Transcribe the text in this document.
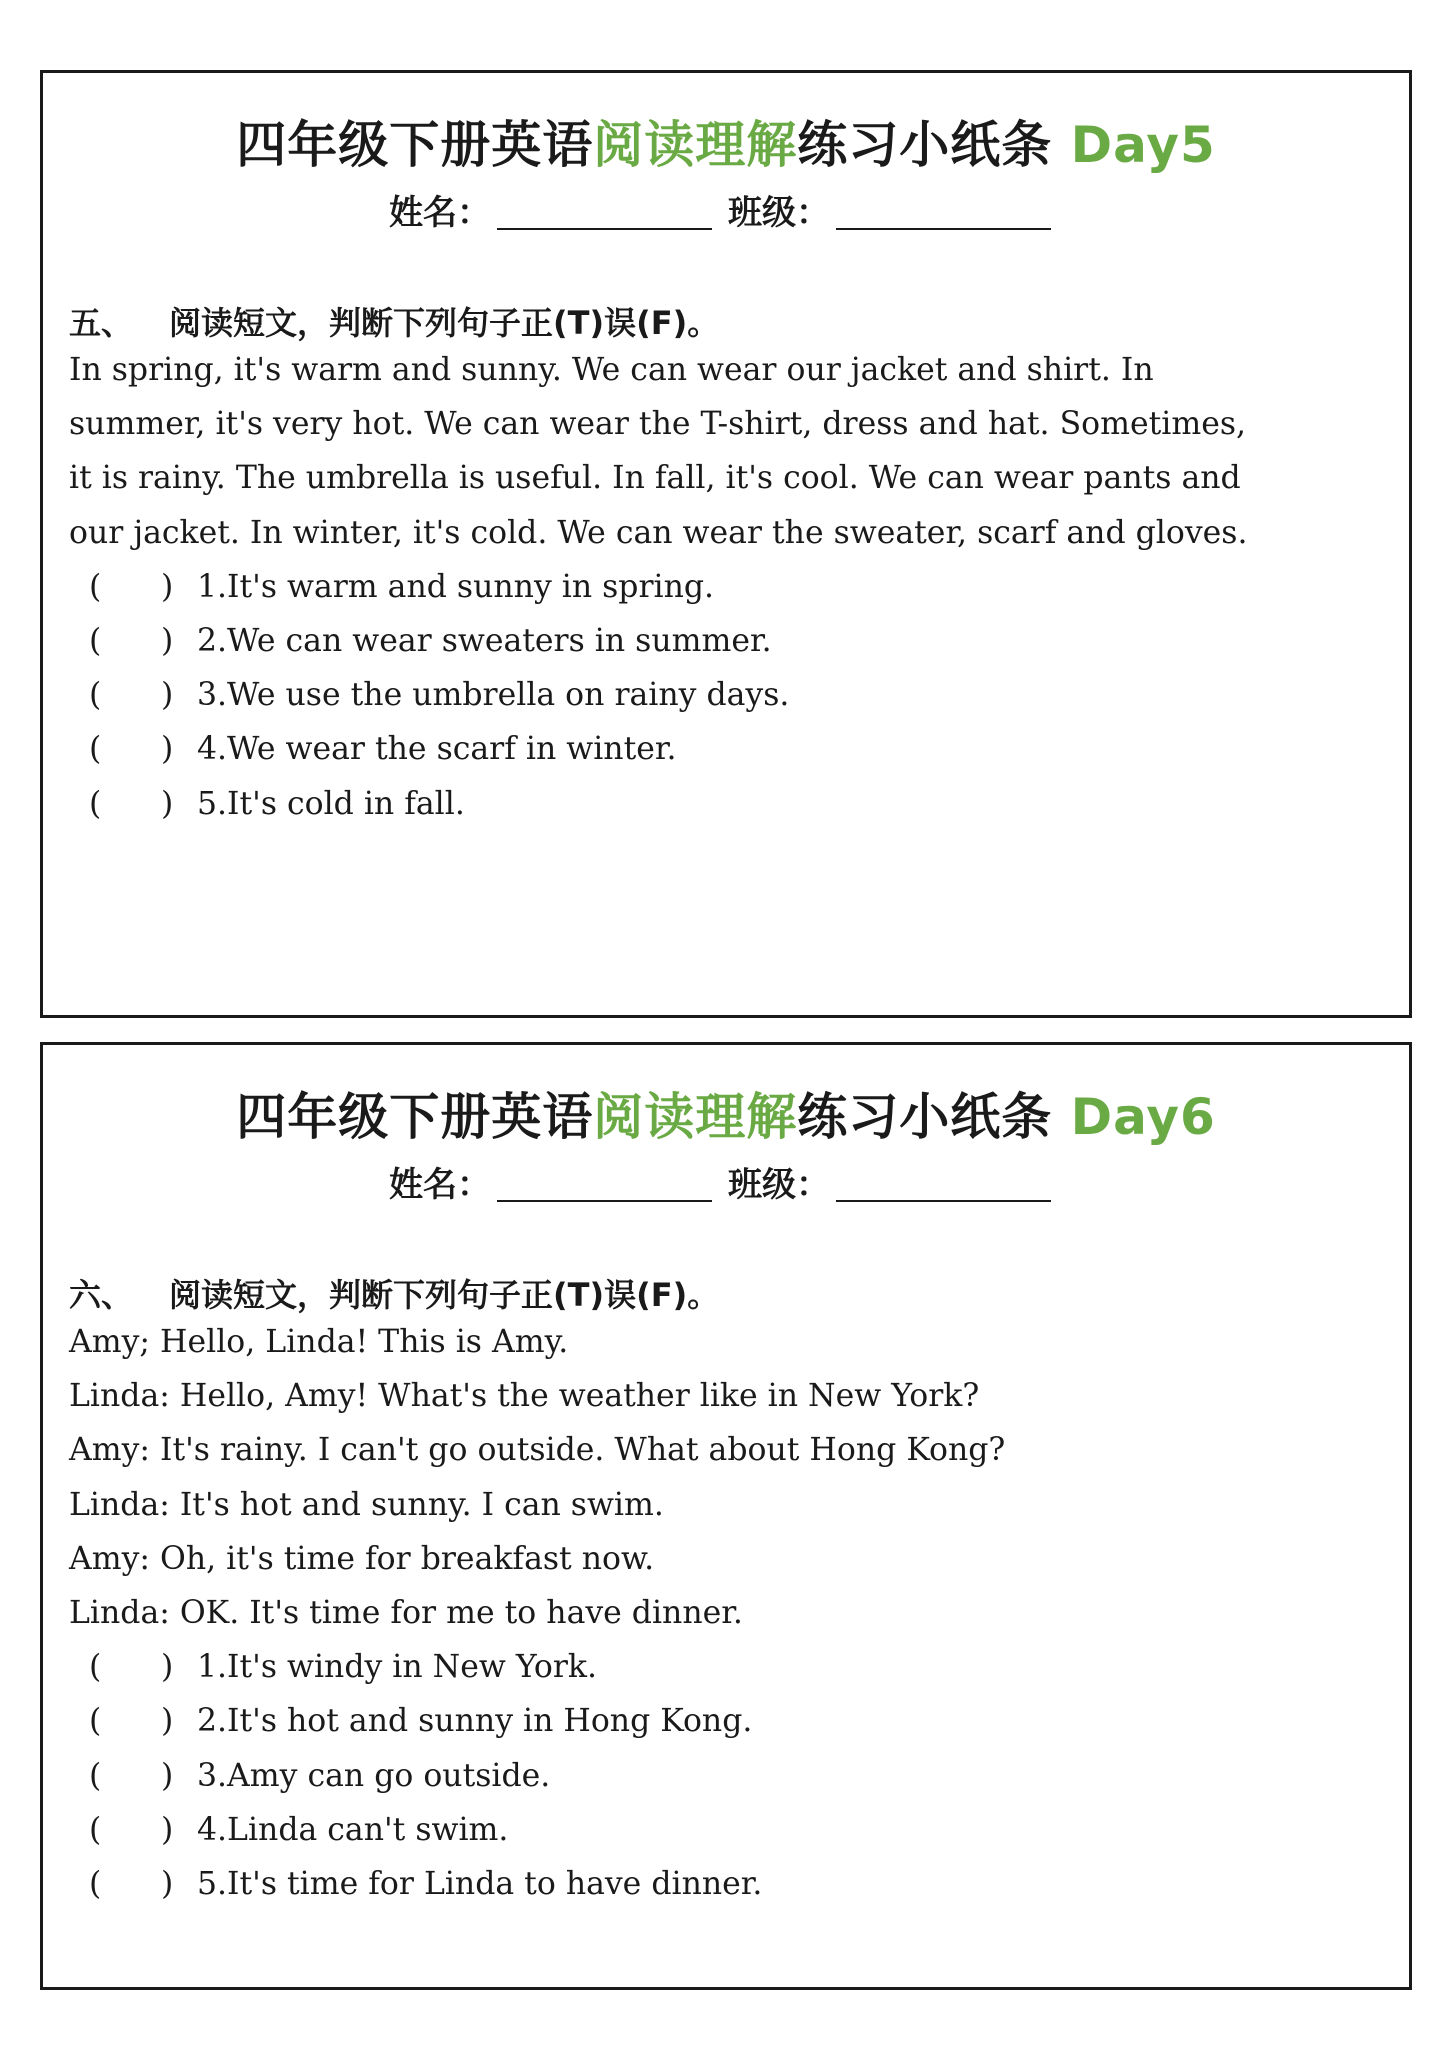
四年级下册英语阅读理解练习小纸条 Day5
姓名：	班级：
五、 阅读短文，判断下列句子正(T)误(F)。

In spring, it's warm and sunny. We can wear our jacket and shirt. In

summer, it's very hot. We can wear the T-shirt, dress and hat. Sometimes,

it is rainy. The umbrella is useful. In fall, it's cool. We can wear pants and

our jacket. In winter, it's cold. We can wear the sweater, scarf and gloves.

( ) 1.It's warm and sunny in spring.
( ) 2.We can wear sweaters in summer.
( ) 3.We use the umbrella on rainy days.
( ) 4.We wear the scarf in winter.
( ) 5.It's cold in fall.
四年级下册英语阅读理解练习小纸条 Day6
姓名：	班级：
六、 阅读短文，判断下列句子正(T)误(F)。

Amy; Hello, Linda! This is Amy.

Linda: Hello, Amy! What's the weather like in New York?

Amy: It's rainy. I can't go outside. What about Hong Kong?

Linda: It's hot and sunny. I can swim.

Amy: Oh, it's time for breakfast now.

Linda: OK. It's time for me to have dinner.

( ) 1.It's windy in New York.
( ) 2.It's hot and sunny in Hong Kong.
( ) 3.Amy can go outside.
( ) 4.Linda can't swim.
( ) 5.It's time for Linda to have dinner.
